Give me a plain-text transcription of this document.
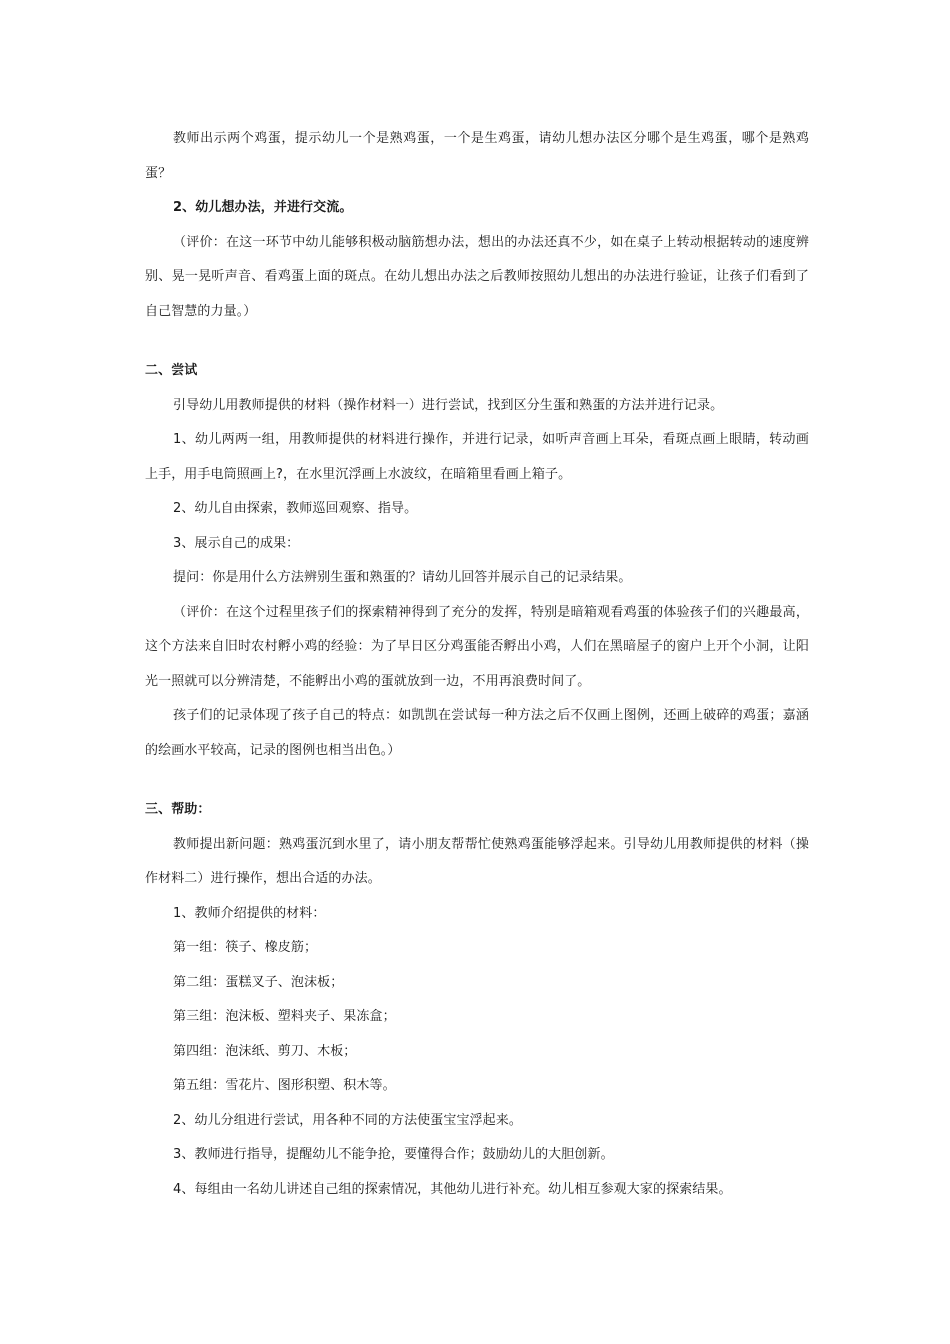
教师出示两个鸡蛋，提示幼儿一个是熟鸡蛋，一个是生鸡蛋，请幼儿想办法区分哪个是生鸡蛋，哪个是熟鸡蛋？

2、幼儿想办法，并进行交流。

（评价：在这一环节中幼儿能够积极动脑筋想办法，想出的办法还真不少，如在桌子上转动根据转动的速度辨别、晃一晃听声音、看鸡蛋上面的斑点。在幼儿想出办法之后教师按照幼儿想出的办法进行验证，让孩子们看到了自己智慧的力量。）

二、尝试

引导幼儿用教师提供的材料（操作材料一）进行尝试，找到区分生蛋和熟蛋的方法并进行记录。

1、幼儿两两一组，用教师提供的材料进行操作，并进行记录，如听声音画上耳朵，看斑点画上眼睛，转动画上手，用手电筒照画上?，在水里沉浮画上水波纹，在暗箱里看画上箱子。

2、幼儿自由探索，教师巡回观察、指导。

3、展示自己的成果：

提问：你是用什么方法辨别生蛋和熟蛋的？请幼儿回答并展示自己的记录结果。

（评价：在这个过程里孩子们的探索精神得到了充分的发挥，特别是暗箱观看鸡蛋的体验孩子们的兴趣最高，这个方法来自旧时农村孵小鸡的经验：为了早日区分鸡蛋能否孵出小鸡，人们在黑暗屋子的窗户上开个小洞，让阳光一照就可以分辨清楚，不能孵出小鸡的蛋就放到一边，不用再浪费时间了。

孩子们的记录体现了孩子自己的特点：如凯凯在尝试每一种方法之后不仅画上图例，还画上破碎的鸡蛋；嘉涵的绘画水平较高，记录的图例也相当出色。）

三、帮助：

教师提出新问题：熟鸡蛋沉到水里了，请小朋友帮帮忙使熟鸡蛋能够浮起来。引导幼儿用教师提供的材料（操作材料二）进行操作，想出合适的办法。

1、教师介绍提供的材料：

第一组：筷子、橡皮筋；

第二组：蛋糕叉子、泡沫板；

第三组：泡沫板、塑料夹子、果冻盒；

第四组：泡沫纸、剪刀、木板；

第五组：雪花片、图形积塑、积木等。

2、幼儿分组进行尝试，用各种不同的方法使蛋宝宝浮起来。

3、教师进行指导，提醒幼儿不能争抢，要懂得合作；鼓励幼儿的大胆创新。

4、每组由一名幼儿讲述自己组的探索情况，其他幼儿进行补充。幼儿相互参观大家的探索结果。
